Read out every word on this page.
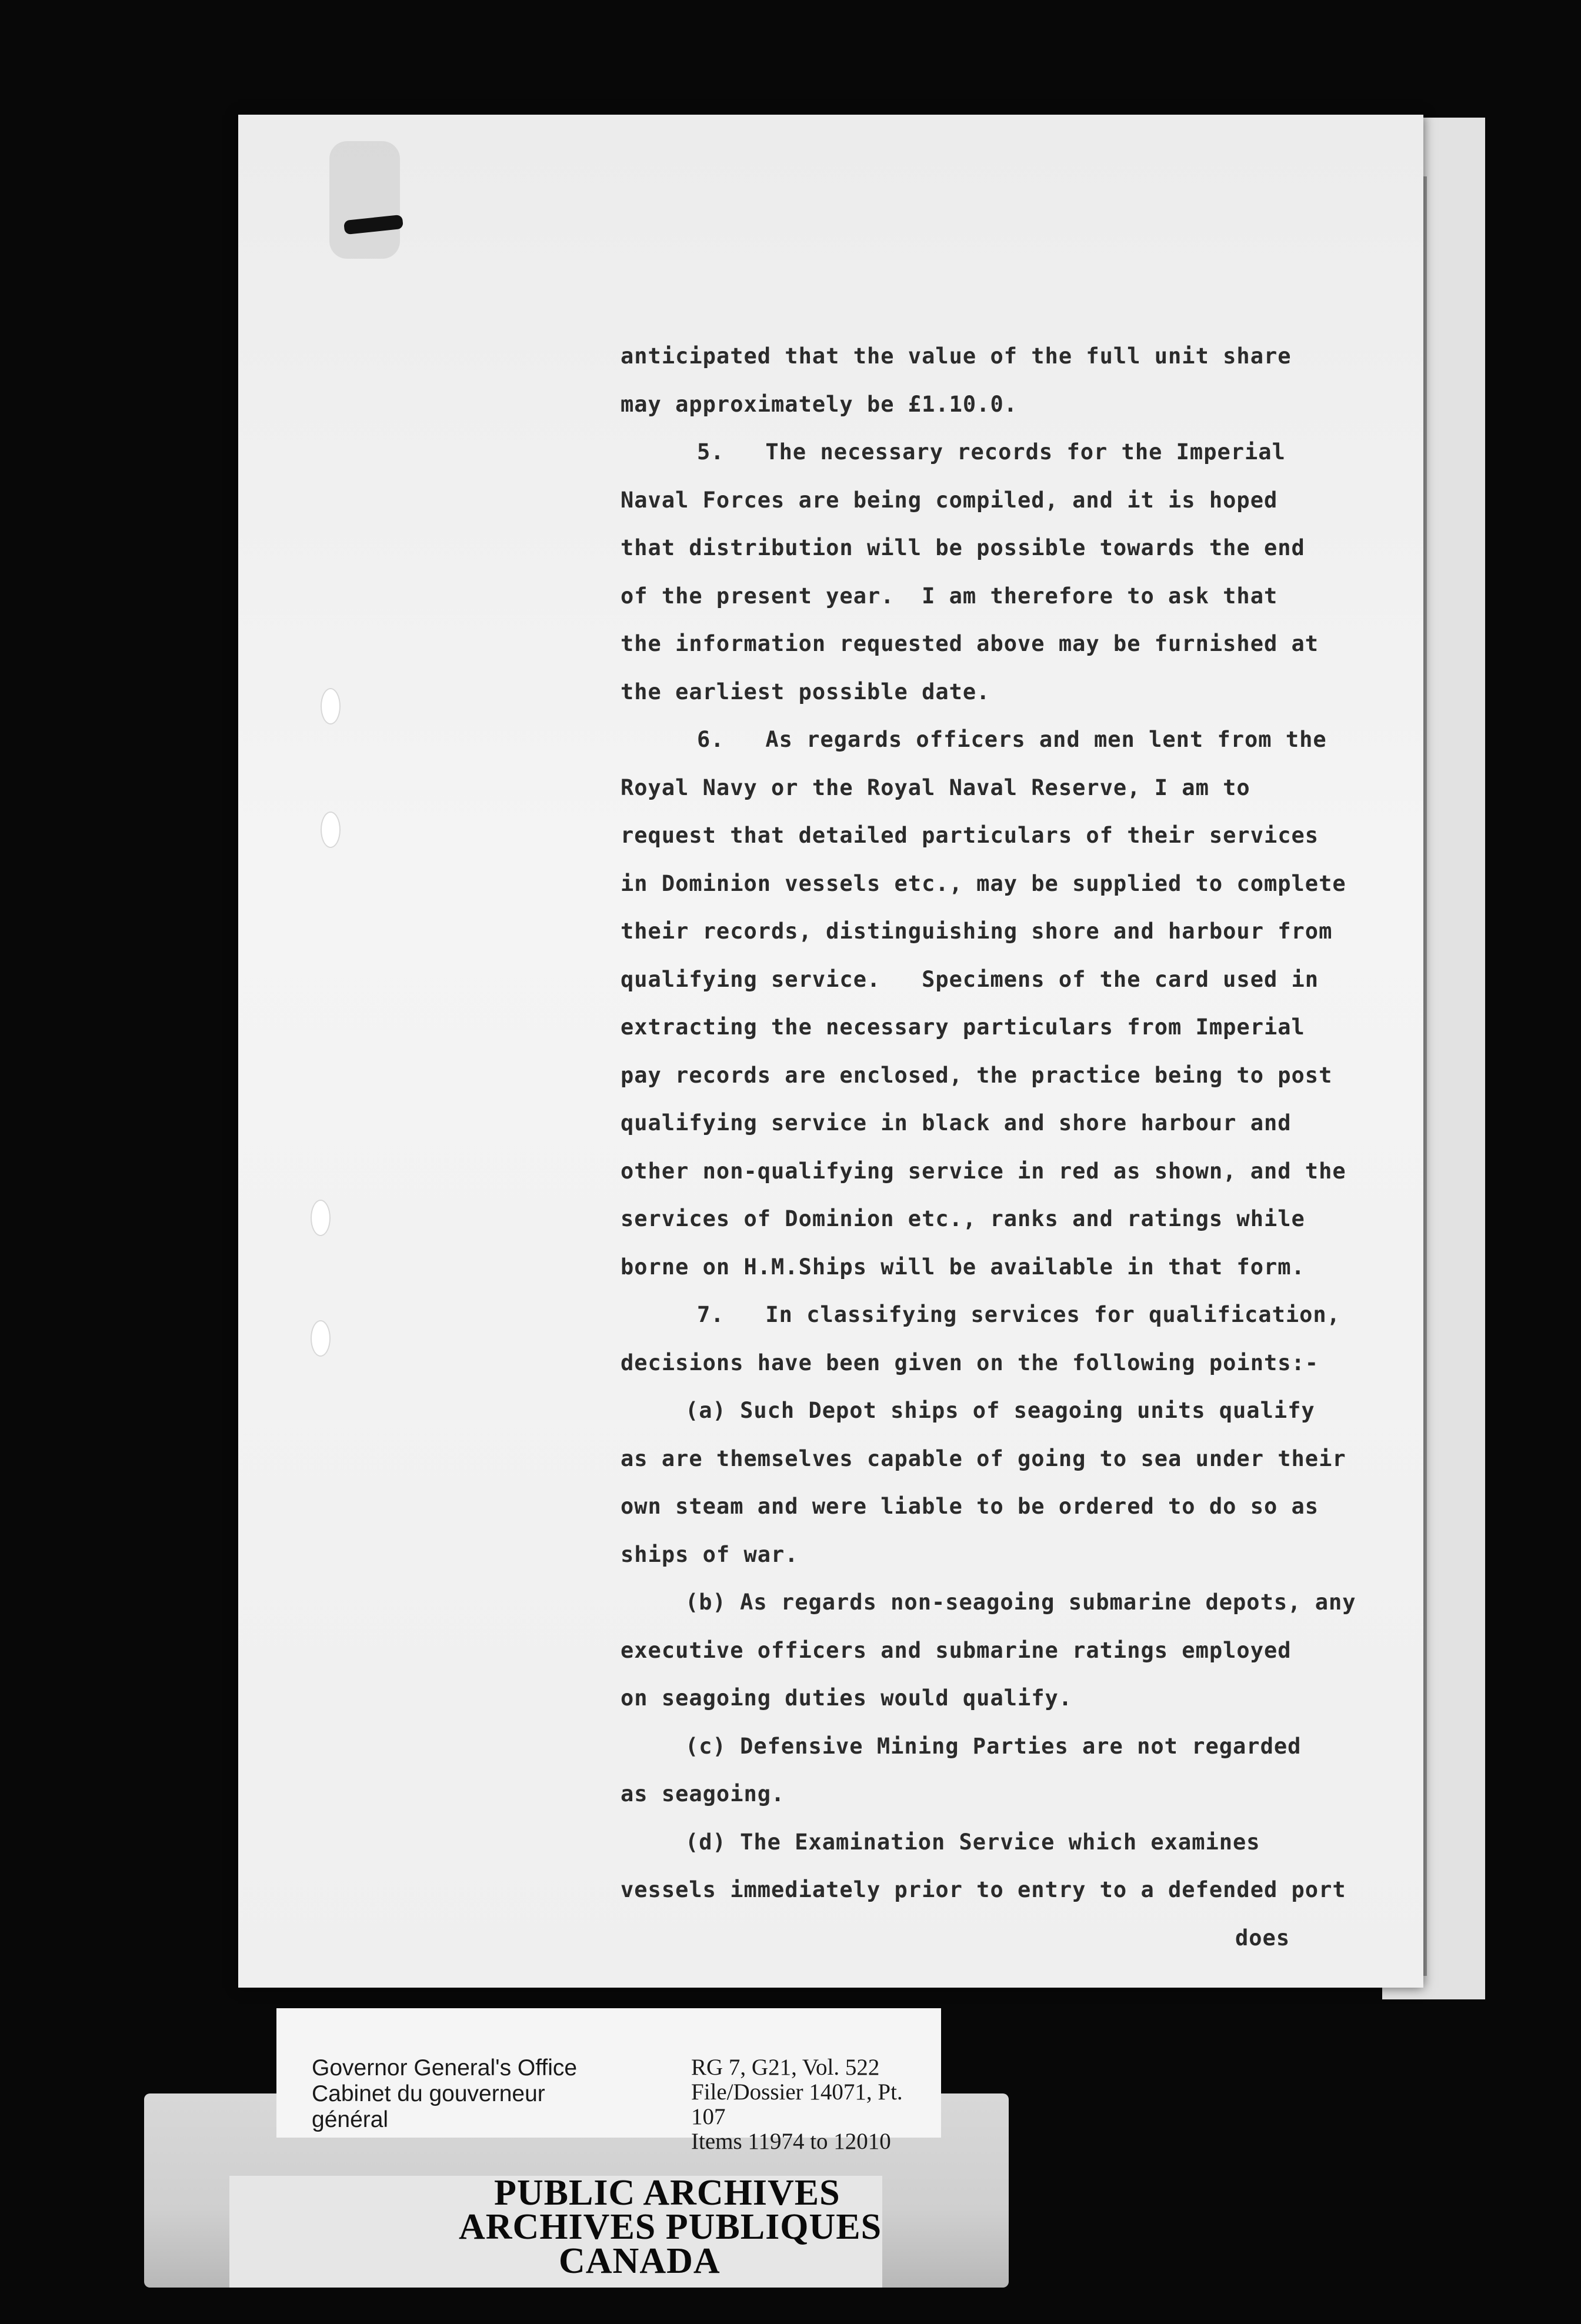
anticipated that the value of the full unit share
may approximately be £1.10.0.
5.   The necessary records for the Imperial
Naval Forces are being compiled, and it is hoped
that distribution will be possible towards the end
of the present year.  I am therefore to ask that
the information requested above may be furnished at
the earliest possible date.
6.   As regards officers and men lent from the
Royal Navy or the Royal Naval Reserve, I am to
request that detailed particulars of their services
in Dominion vessels etc., may be supplied to complete
their records, distinguishing shore and harbour from
qualifying service.   Specimens of the card used in
extracting the necessary particulars from Imperial
pay records are enclosed, the practice being to post
qualifying service in black and shore harbour and
other non-qualifying service in red as shown, and the
services of Dominion etc., ranks and ratings while
borne on H.M.Ships will be available in that form.
7.   In classifying services for qualification,
decisions have been given on the following points:-
(a) Such Depot ships of seagoing units qualify
as are themselves capable of going to sea under their
own steam and were liable to be ordered to do so as
ships of war.
(b) As regards non-seagoing submarine depots, any
executive officers and submarine ratings employed
on seagoing duties would qualify.
(c) Defensive Mining Parties are not regarded
as seagoing.
(d) The Examination Service which examines
vessels immediately prior to entry to a defended port
does
Governor General's Office
Cabinet du gouverneur général
RG 7, G21, Vol. 522
File/Dossier 14071, Pt. 107
Items 11974 to 12010
PUBLIC ARCHIVES
ARCHIVES PUBLIQUES
CANADA
